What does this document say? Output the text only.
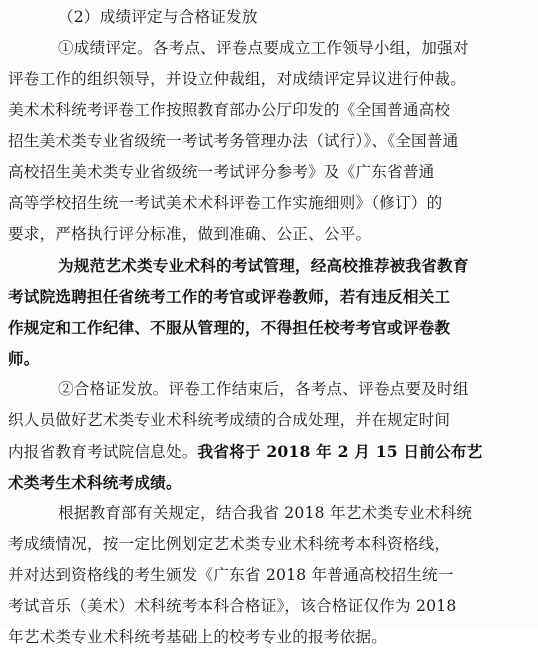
（2）成绩评定与合格证发放
①成绩评定。各考点、评卷点要成立工作领导小组，加强对
评卷工作的组织领导，并设立仲裁组，对成绩评定异议进行仲裁。
美术术科统考评卷工作按照教育部办公厅印发的《全国普通高校
招生美术类专业省级统一考试考务管理办法（试行）》、《全国普通
高校招生美术类专业省级统一考试评分参考》及《广东省普通
高等学校招生统一考试美术术科评卷工作实施细则》（修订）的
要求，严格执行评分标准，做到准确、公正、公平。
为规范艺术类专业术科的考试管理，经高校推荐被我省教育
考试院选聘担任省统考工作的考官或评卷教师，若有违反相关工
作规定和工作纪律、不服从管理的，不得担任校考考官或评卷教
师。
②合格证发放。评卷工作结束后，各考点、评卷点要及时组
织人员做好艺术类专业术科统考成绩的合成处理，并在规定时间
内报省教育考试院信息处。我省将于 2018 年 2 月 15 日前公布艺
术类考生术科统考成绩。
根据教育部有关规定，结合我省 2018 年艺术类专业术科统
考成绩情况，按一定比例划定艺术类专业术科统考本科资格线，
并对达到资格线的考生颁发《广东省 2018 年普通高校招生统一
考试音乐（美术）术科统考本科合格证》，该合格证仅作为 2018
年艺术类专业术科统考基础上的校考专业的报考依据。
